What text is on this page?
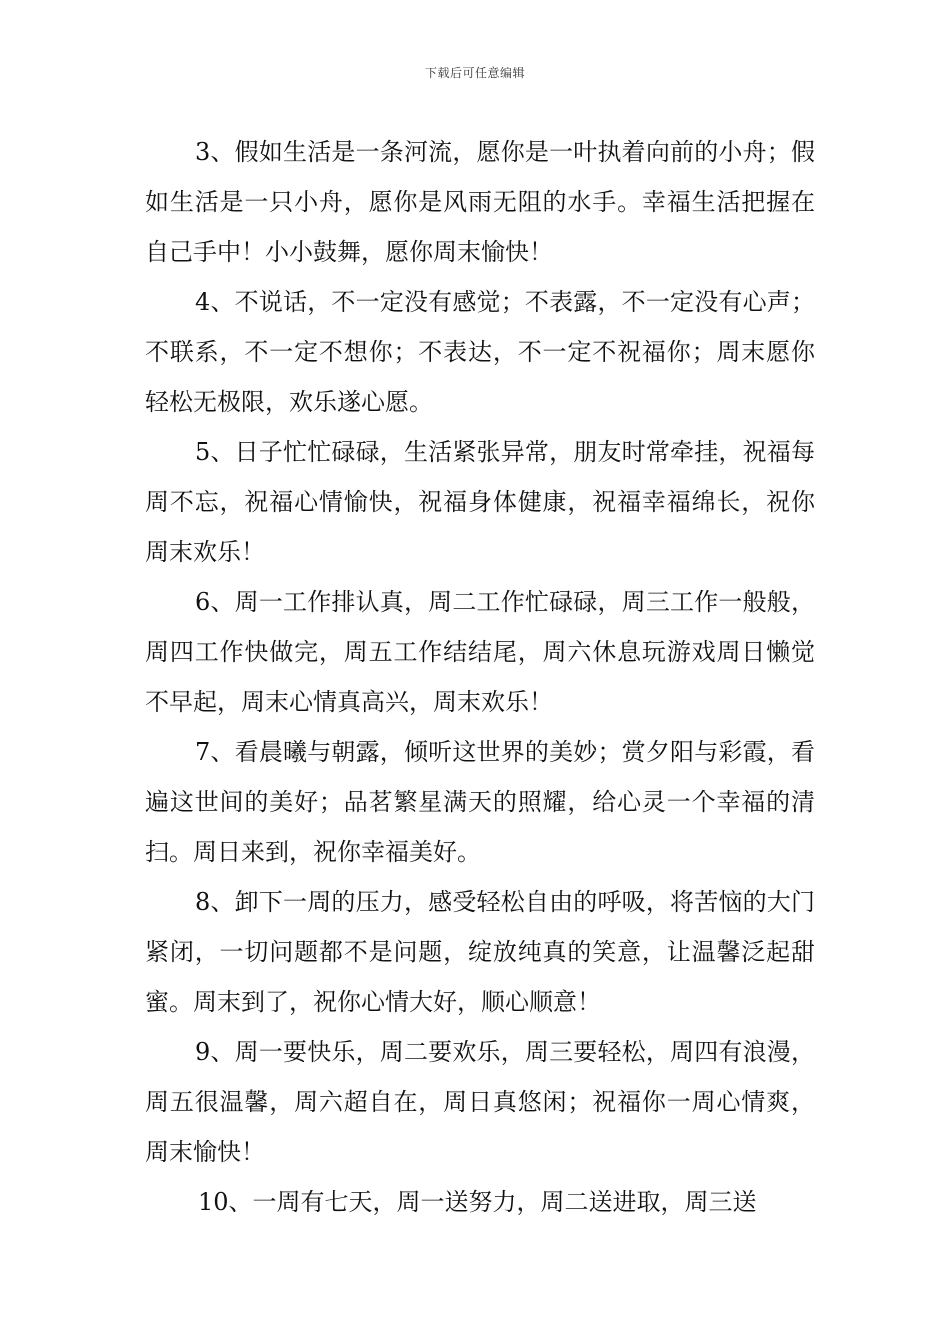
下载后可任意编辑

3、假如生活是一条河流，愿你是一叶执着向前的小舟；假如生活是一只小舟，愿你是风雨无阻的水手。幸福生活把握在自己手中！小小鼓舞，愿你周末愉快！

4、不说话，不一定没有感觉；不表露，不一定没有心声；不联系，不一定不想你；不表达，不一定不祝福你；周末愿你轻松无极限，欢乐遂心愿。

5、日子忙忙碌碌，生活紧张异常，朋友时常牵挂，祝福每周不忘，祝福心情愉快，祝福身体健康，祝福幸福绵长，祝你周末欢乐！

6、周一工作排认真，周二工作忙碌碌，周三工作一般般，周四工作快做完，周五工作结结尾，周六休息玩游戏周日懒觉不早起，周末心情真高兴，周末欢乐！

7、看晨曦与朝露，倾听这世界的美妙；赏夕阳与彩霞，看遍这世间的美好；品茗繁星满天的照耀，给心灵一个幸福的清扫。周日来到，祝你幸福美好。

8、卸下一周的压力，感受轻松自由的呼吸，将苦恼的大门紧闭，一切问题都不是问题，绽放纯真的笑意，让温馨泛起甜蜜。周末到了，祝你心情大好，顺心顺意！

9、周一要快乐，周二要欢乐，周三要轻松，周四有浪漫，周五很温馨，周六超自在，周日真悠闲；祝福你一周心情爽，周末愉快！

10、一周有七天，周一送努力，周二送进取，周三送
